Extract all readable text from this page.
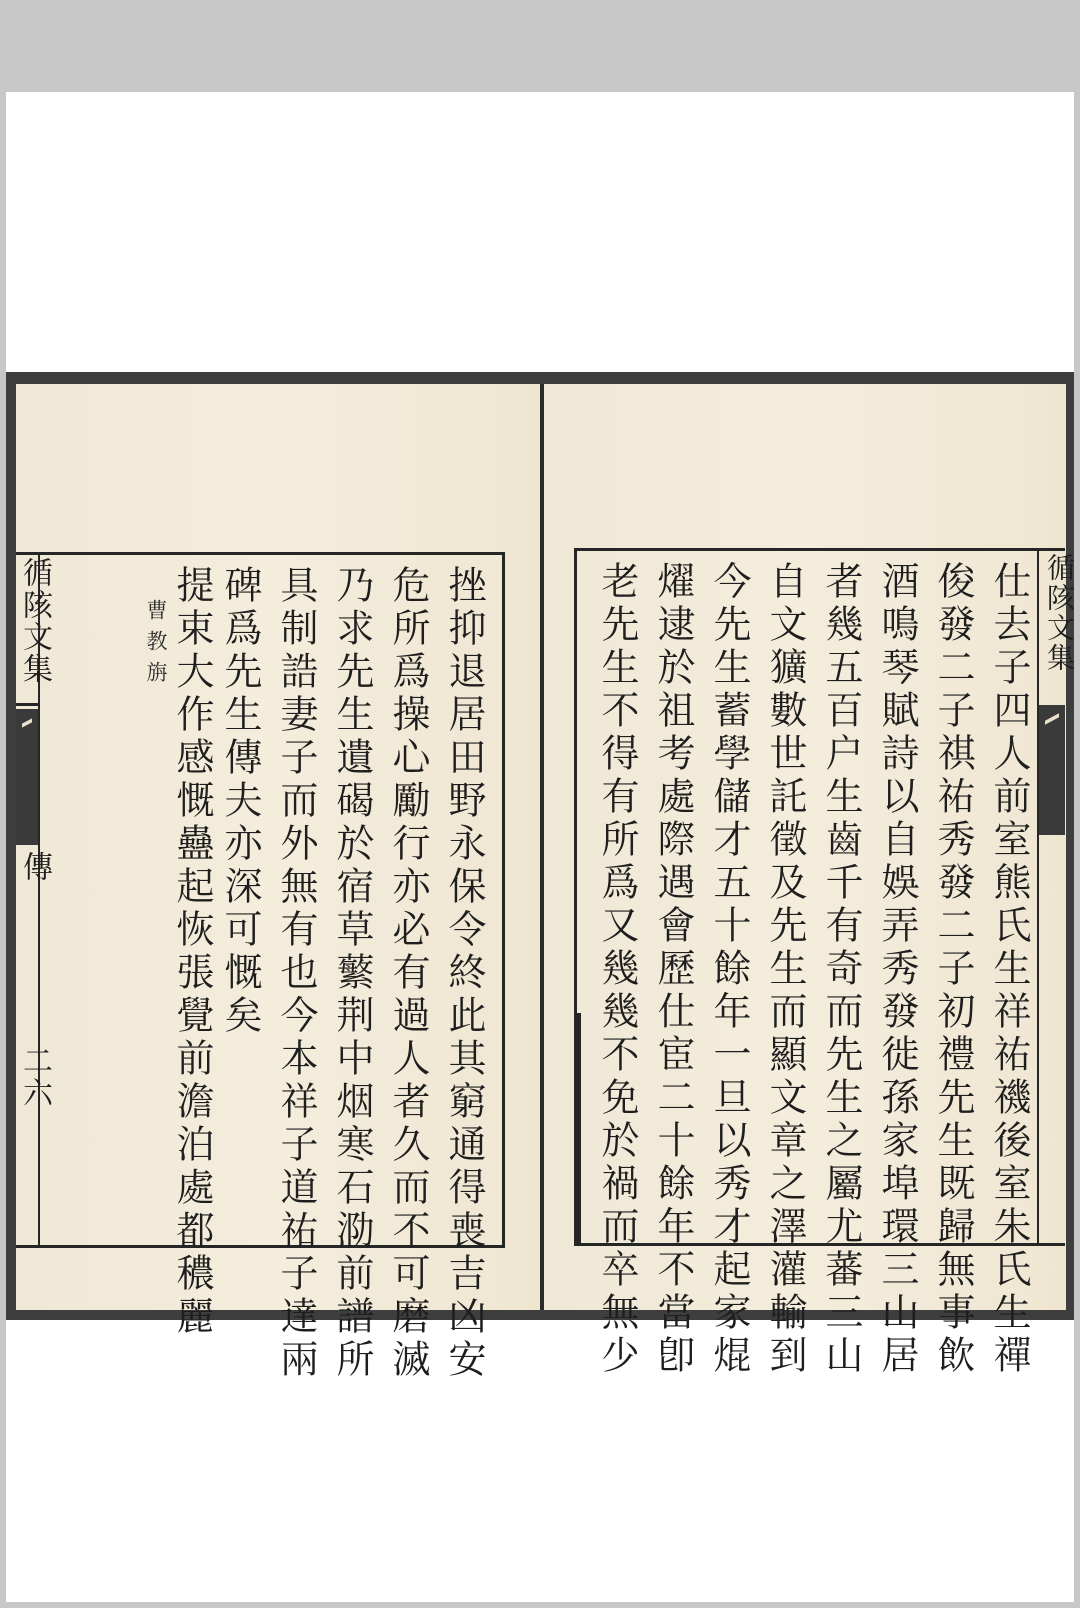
循陔文集
傳
二六
曹教旃 提束大作感慨蠱起恢張覺前澹泊處都穠麗 碑爲先生傳夫亦深可慨矣 具制誥妻子而外無有也今本祥子道祐子達兩 乃求先生遺碣於宿草蘩荆中烟寒石泐前譜所 危所爲操心勵行亦必有過人者久而不可磨滅 挫抑退居田野永保令終此其窮通得喪吉凶安	老先生不得有所爲又幾幾不免於禍而卒無少 燿逮於祖考處際遇會歷仕宦二十餘年不當卽 今先生蓄學儲才五十餘年一旦以秀才起家焜 自文獷數世託徵及先生而顯文章之澤灌輸到 者幾五百户生齒千有奇而先生之屬尤蕃三山 酒鳴琴賦詩以自娛弄秀發徙孫家埠環三山居 俊發二子祺祐秀發二子初禮先生既歸無事飲 仕去子四人前室熊氏生祥祐禨後室朱氏生禪 循陔文集
